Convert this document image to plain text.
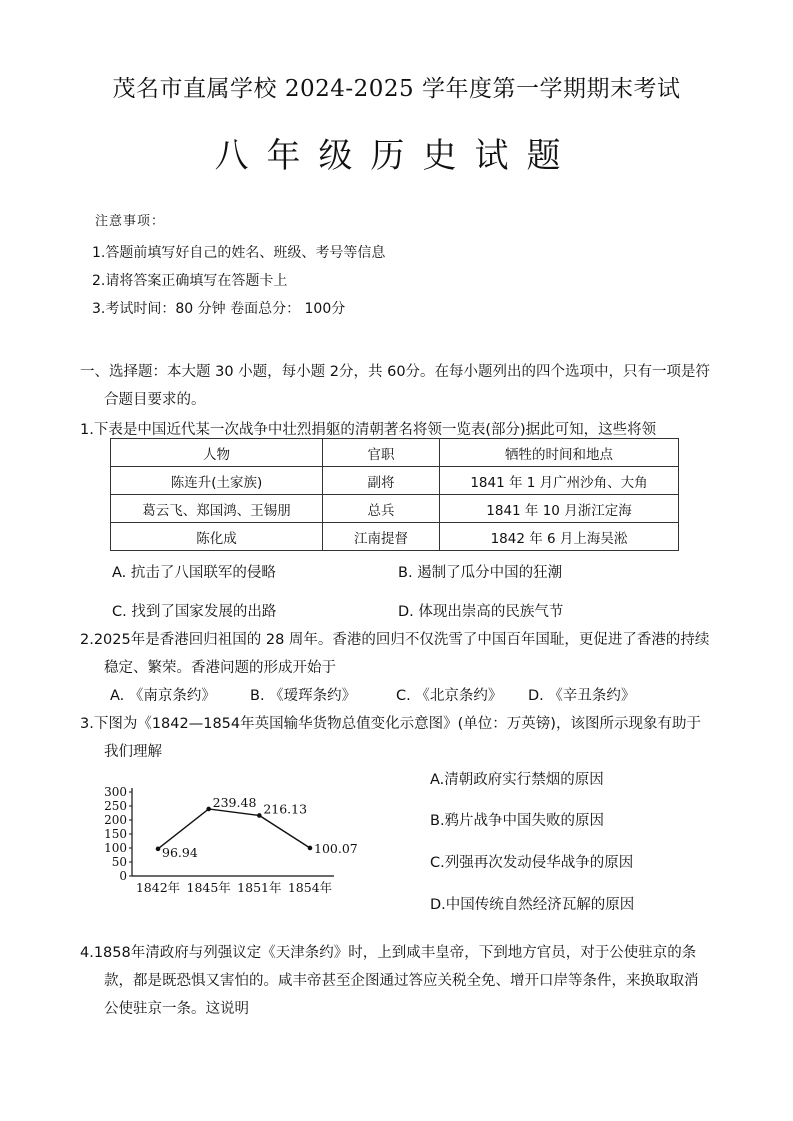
茂名市直属学校 2024-2025 学年度第一学期期末考试
八年级历史试题
注意事项：
1.答题前填写好自己的姓名、班级、考号等信息
2.请将答案正确填写在答题卡上
3.考试时间：80 分钟 卷面总分： 100分
一、选择题：本大题 30 小题，每小题 2分，共 60分。在每小题列出的四个选项中，只有一项是符
合题目要求的。
1.下表是中国近代某一次战争中壮烈捐躯的清朝著名将领一览表(部分)据此可知，这些将领
人物	官职	牺牲的时间和地点
陈连升(土家族)	副将	1841 年 1 月广州沙角、大角
葛云飞、郑国鸿、王锡朋	总兵	1841 年 10 月浙江定海
陈化成	江南提督	1842 年 6 月上海吴淞
A. 抗击了八国联军的侵略	B. 遏制了瓜分中国的狂潮
C. 找到了国家发展的出路	D. 体现出崇高的民族气节
2.2025年是香港回归祖国的 28 周年。香港的回归不仅洗雪了中国百年国耻，更促进了香港的持续
稳定、繁荣。香港问题的形成开始于
A. 《南京条约》 B. 《瑷珲条约》	C. 《北京条约》 D. 《辛丑条约》
3.下图为《1842—1854年英国输华货物总值变化示意图》(单位：万英镑)，该图所示现象有助于
我们理解
0
50
100
150
200
250
300
96.94
239.48 216.13
100.07
1842年 1845年 1851年 1854年
A.清朝政府实行禁烟的原因
B.鸦片战争中国失败的原因
C.列强再次发动侵华战争的原因
D.中国传统自然经济瓦解的原因
4.1858年清政府与列强议定《天津条约》时，上到咸丰皇帝，下到地方官员，对于公使驻京的条
款，都是既恐惧又害怕的。咸丰帝甚至企图通过答应关税全免、增开口岸等条件，来换取取消
公使驻京一条。这说明
